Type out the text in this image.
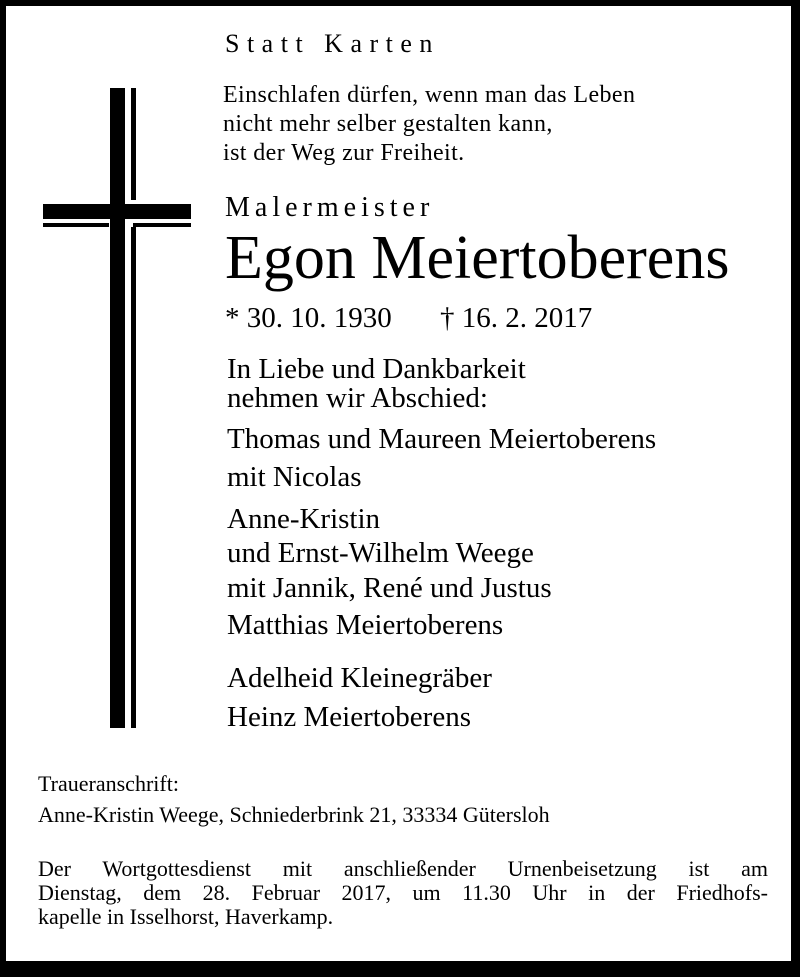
Statt Karten
Einschlafen dürfen, wenn man das Leben
nicht mehr selber gestalten kann,
ist der Weg zur Freiheit.
Malermeister
Egon Meiertoberens
* 30. 10. 1930 † 16. 2. 2017
In Liebe und Dankbarkeit
nehmen wir Abschied:
Thomas und Maureen Meiertoberens
mit Nicolas
Anne-Kristin
und Ernst-Wilhelm Weege
mit Jannik, René und Justus
Matthias Meiertoberens
Adelheid Kleinegräber
Heinz Meiertoberens
Traueranschrift:
Anne-Kristin Weege, Schniederbrink 21, 33334 Gütersloh
Der Wortgottesdienst mit anschließender Urnenbeisetzung ist am
Dienstag, dem 28. Februar 2017, um 11.30 Uhr in der Friedhofs-
kapelle in Isselhorst, Haverkamp.
